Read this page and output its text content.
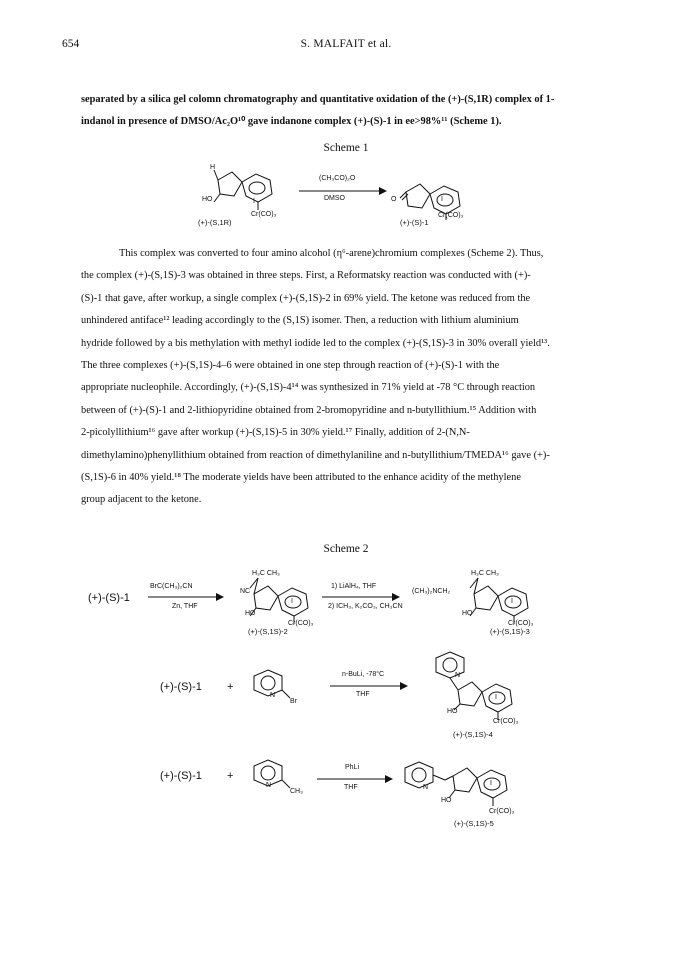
654	S. MALFAIT et al.
separated by a silica gel colomn chromatography and quantitative oxidation of the (+)-(S,1R) complex of 1-
indanol in presence of DMSO/Ac₂O¹⁰ gave indanone complex (+)-(S)-1 in ee>98%¹¹ (Scheme 1).
Scheme 1
H
HO	I
Cr(CO)₃
(+)-(S,1R)
(CH₃CO)₂O
DMSO	O	I
Cr(CO)₃
(+)-(S)-1
This complex was converted to four amino alcohol (η⁶-arene)chromium complexes (Scheme 2). Thus,
the complex (+)-(S,1S)-3 was obtained in three steps. First, a Reformatsky reaction was conducted with (+)-
(S)-1 that gave, after workup, a single complex (+)-(S,1S)-2 in 69% yield. The ketone was reduced from the
unhindered antiface¹² leading accordingly to the (S,1S) isomer. Then, a reduction with lithium aluminium
hydride followed by a bis methylation with methyl iodide led to the complex (+)-(S,1S)-3 in 30% overall yield¹³.
The three complexes (+)-(S,1S)-4–6 were obtained in one step through reaction of (+)-(S)-1 with the
appropriate nucleophile. Accordingly, (+)-(S,1S)-4¹⁴ was synthesized in 71% yield at -78 °C through reaction
between of (+)-(S)-1 and 2-lithiopyridine obtained from 2-bromopyridine and n-butyllithium.¹⁵ Addition with
2-picolyllithium¹⁶ gave after workup (+)-(S,1S)-5 in 30% yield.¹⁷ Finally, addition of 2-(N,N-
dimethylamino)phenyllithium obtained from reaction of dimethylaniline and n-butyllithium/TMEDA¹⁶ gave (+)-
(S,1S)-6 in 40% yield.¹⁸ The moderate yields have been attributed to the enhance acidity of the methylene
group adjacent to the ketone.
Scheme 2
(+)-(S)-1
BrC(CH₃)₂CN
Zn, THF
H₃C CH₃
NC
HO
I
Cr(CO)₃
(+)-(S,1S)-2
1) LiAlH₄, THF
2) ICH₃, K₂CO₃, CH₃CN
H₃C CH₃
(CH₃)₂NCH₂
HO
I
Cr(CO)₃
(+)-(S,1S)-3
(+)-(S)-1 +
N
Br
n-BuLi, -78°C
THF
N
HO
I
Cr(CO)₃
(+)-(S,1S)-4
(+)-(S)-1 +
N
CH₃
PhLi
THF	N
HO
I
Cr(CO)₃
(+)-(S,1S)-5
